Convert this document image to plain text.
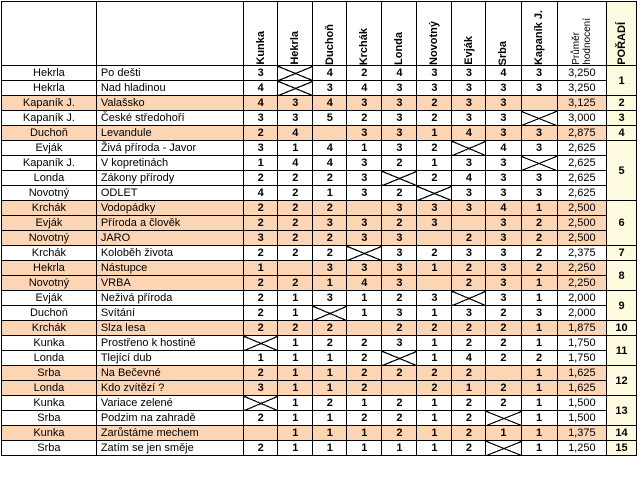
		Kunka	Hekrla	Duchoň	Krchák	Londa	Novotný	Evják	Srba	Kapaník J.	Průměr hodnocení	POŘADÍ

Hekrla	Po dešti	3		4	2	4	3	3	4	3	3,250	1
Hekrla	Nad hladinou	4		3	4	3	3	3	3	3	3,250	
Kapaník J.	Valašsko	4	3	4	3	3	2	3	3		3,125	2
Kapaník J.	České středohoří	3	3	5	2	3	2	3	3		3,000	3
Duchoň	Levandule	2	4		3	3	1	4	3	3	2,875	4
Evják	Živá příroda - Javor	3	1	4	1	3	2		4	3	2,625	5
Kapaník J.	V kopretinách	1	4	4	3	2	1	3	3		2,625	
Londa	Zákony přírody	2	2	2	3		2	4	3	3	2,625	
Novotný	ODLET	4	2	1	3	2		3	3	3	2,625	
Krchák	Vodopádky	2	2	2		3	3	3	4	1	2,500	6
Evják	Příroda a člověk	2	2	3	3	2	3		3	2	2,500	
Novotný	JARO	3	2	2	3	3		2	3	2	2,500	
Krchák	Koloběh života	2	2	2		3	2	3	3	2	2,375	7
Hekrla	Nástupce	1		3	3	3	1	2	3	2	2,250	8
Novotný	VRBA	2	2	1	4	3		2	3	1	2,250	
Evják	Neživá příroda	2	1	3	1	2	3		3	1	2,000	9
Duchoň	Svítání	2	1		1	3	1	3	2	3	2,000	
Krchák	Slza lesa	2	2	2		2	2	2	2	1	1,875	10
Kunka	Prostřeno k hostině		1	2	2	3	1	2	2	1	1,750	11
Londa	Tlející dub	1	1	1	2		1	4	2	2	1,750	
Srba	Na Bečevné	2	1	1	2	2	2	2		1	1,625	12
Londa	Kdo zvítězí ?	3	1	1	2		2	1	2	1	1,625	
Kunka	Variace zelené		1	2	1	2	1	2	2	1	1,500	13
Srba	Podzim na zahradě	2	1	1	2	2	1	2		1	1,500	
Kunka	Zarůstáme mechem		1	1	1	2	1	2	1	1	1,375	14
Srba	Zatím se jen směje	2	1	1	1	1	1	2		1	1,250	15
